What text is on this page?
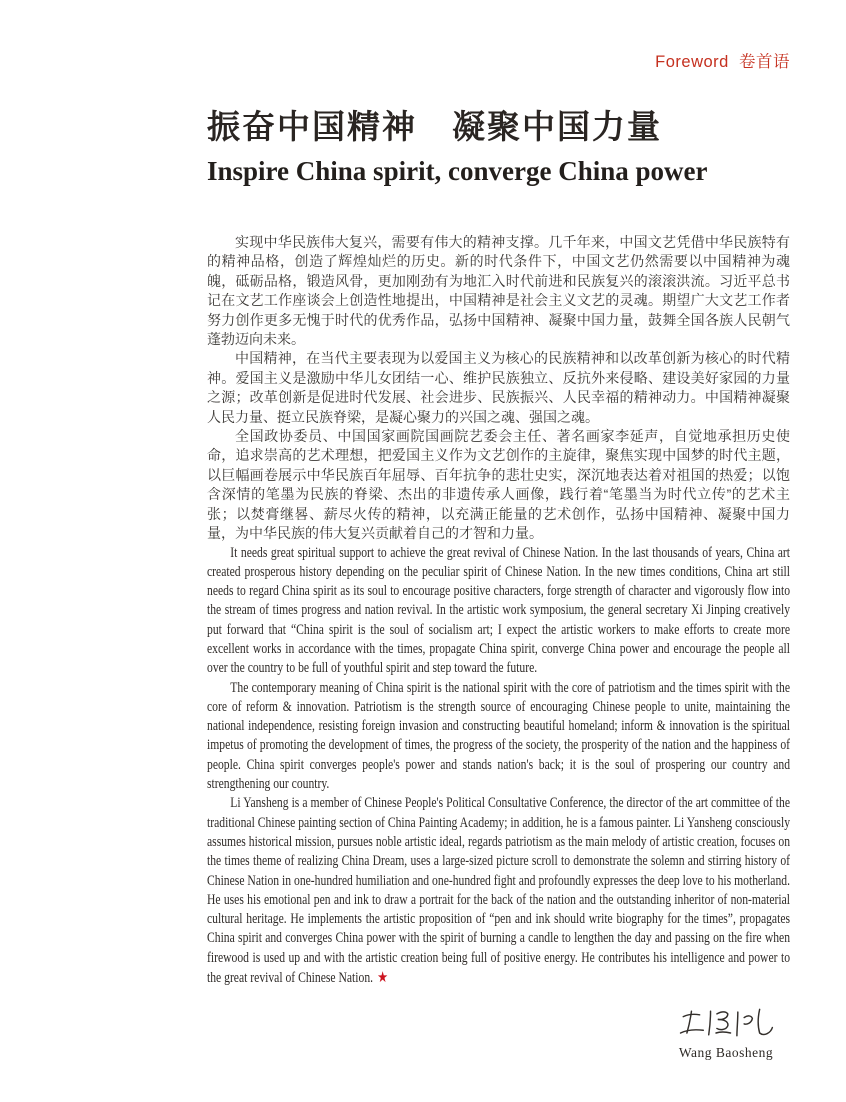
Foreword  卷首语
振奋中国精神　凝聚中国力量
Inspire China spirit, converge China power

实现中华民族伟大复兴，需要有伟大的精神支撑。几千年来，中国文艺凭借中华民族特有的精神品格，创造了辉煌灿烂的历史。新的时代条件下，中国文艺仍然需要以中国精神为魂魄，砥砺品格，锻造风骨，更加刚劲有为地汇入时代前进和民族复兴的滚滚洪流。习近平总书记在文艺工作座谈会上创造性地提出，中国精神是社会主义文艺的灵魂。期望广大文艺工作者努力创作更多无愧于时代的优秀作品，弘扬中国精神、凝聚中国力量，鼓舞全国各族人民朝气蓬勃迈向未来。

中国精神，在当代主要表现为以爱国主义为核心的民族精神和以改革创新为核心的时代精神。爱国主义是激励中华儿女团结一心、维护民族独立、反抗外来侵略、建设美好家园的力量之源；改革创新是促进时代发展、社会进步、民族振兴、人民幸福的精神动力。中国精神凝聚人民力量、挺立民族脊梁，是凝心聚力的兴国之魂、强国之魂。

全国政协委员、中国国家画院国画院艺委会主任、著名画家李延声，自觉地承担历史使命，追求崇高的艺术理想，把爱国主义作为文艺创作的主旋律，聚焦实现中国梦的时代主题，以巨幅画卷展示中华民族百年屈辱、百年抗争的悲壮史实，深沉地表达着对祖国的热爱；以饱含深情的笔墨为民族的脊梁、杰出的非遗传承人画像，践行着“笔墨当为时代立传”的艺术主张；以焚膏继晷、薪尽火传的精神，以充满正能量的艺术创作，弘扬中国精神、凝聚中国力量，为中华民族的伟大复兴贡献着自己的才智和力量。

It needs great spiritual support to achieve the great revival of Chinese Nation. In the last thousands of years, China art created prosperous history depending on the peculiar spirit of Chinese Nation. In the new times conditions, China art still needs to regard China spirit as its soul to encourage positive characters, forge strength of character and vigorously flow into the stream of times progress and nation revival. In the artistic work symposium, the general secretary Xi Jinping creatively put forward that “China spirit is the soul of socialism art; I expect the artistic workers to make efforts to create more excellent works in accordance with the times, propagate China spirit, converge China power and encourage the people all over the country to be full of youthful spirit and step toward the future.

The contemporary meaning of China spirit is the national spirit with the core of patriotism and the times spirit with the core of reform & innovation. Patriotism is the strength source of encouraging Chinese people to unite, maintaining the national independence, resisting foreign invasion and constructing beautiful homeland; inform & innovation is the spiritual impetus of promoting the development of times, the progress of the society, the prosperity of the nation and the happiness of people. China spirit converges people's power and stands nation's back; it is the soul of prospering our country and strengthening our country.

Li Yansheng is a member of Chinese People's Political Consultative Conference, the director of the art committee of the traditional Chinese painting section of China Painting Academy; in addition, he is a famous painter. Li Yansheng consciously assumes historical mission, pursues noble artistic ideal, regards patriotism as the main melody of artistic creation, focuses on the times theme of realizing China Dream, uses a large-sized picture scroll to demonstrate the solemn and stirring history of Chinese Nation in one-hundred humiliation and one-hundred fight and profoundly expresses the deep love to his motherland. He uses his emotional pen and ink to draw a portrait for the back of the nation and the outstanding inheritor of non-material cultural heritage. He implements the artistic proposition of “pen and ink should write biography for the times”, propagates China spirit and converges China power with the spirit of burning a candle to lengthen the day and passing on the fire when firewood is used up and with the artistic creation being full of positive energy. He contributes his intelligence and power to the great revival of Chinese Nation. ★

Wang Baosheng
